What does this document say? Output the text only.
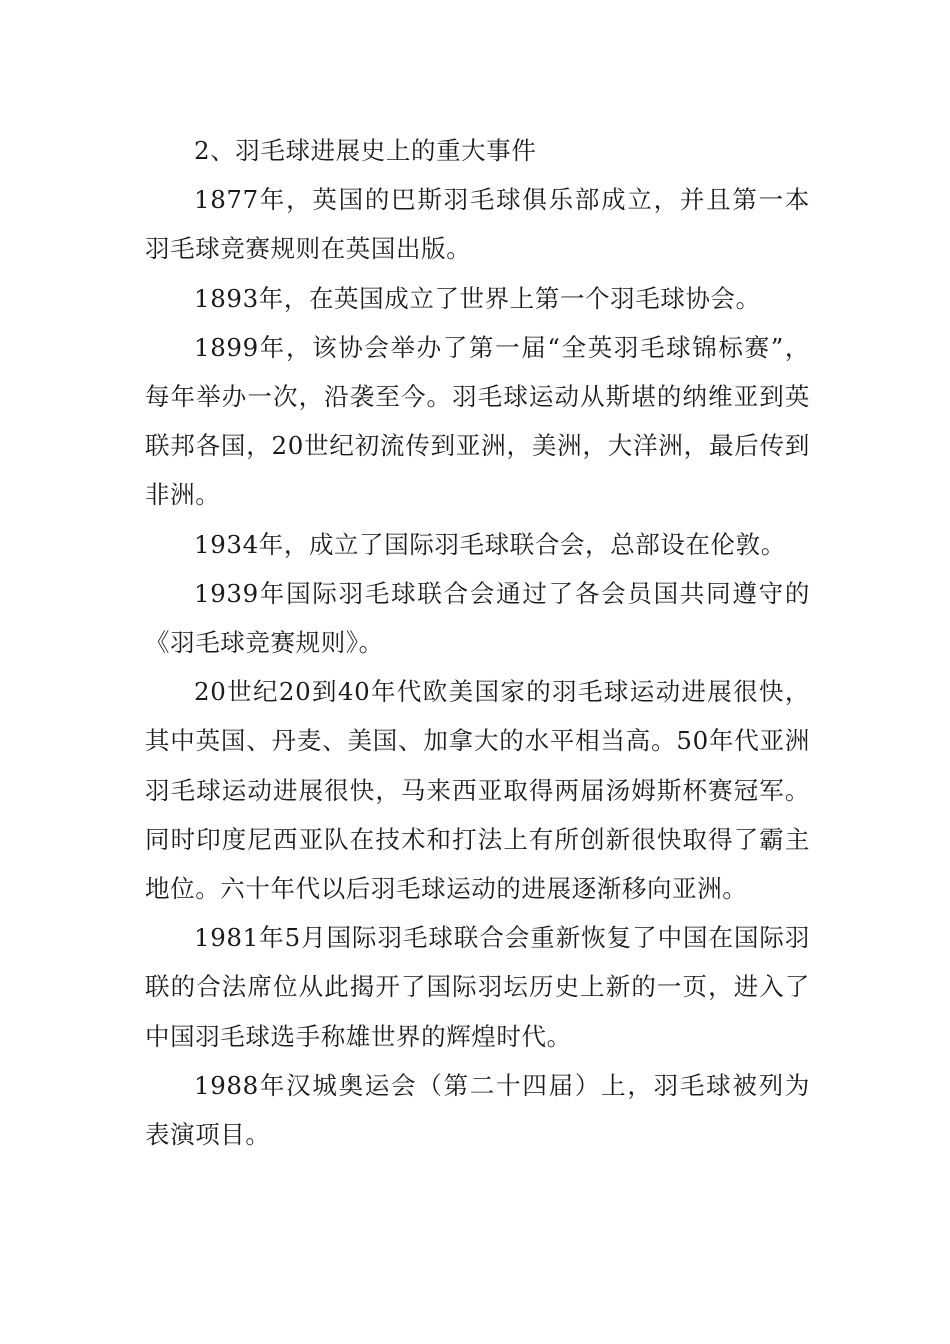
2、羽毛球进展史上的重大事件

1877年，英国的巴斯羽毛球俱乐部成立，并且第一本羽毛球竞赛规则在英国出版。

1893年，在英国成立了世界上第一个羽毛球协会。

1899年，该协会举办了第一届“全英羽毛球锦标赛”，每年举办一次，沿袭至今。羽毛球运动从斯堪的纳维亚到英联邦各国，20世纪初流传到亚洲，美洲，大洋洲，最后传到非洲。

1934年，成立了国际羽毛球联合会，总部设在伦敦。

1939年国际羽毛球联合会通过了各会员国共同遵守的《羽毛球竞赛规则》。

20世纪20到40年代欧美国家的羽毛球运动进展很快，其中英国、丹麦、美国、加拿大的水平相当高。50年代亚洲羽毛球运动进展很快，马来西亚取得两届汤姆斯杯赛冠军。同时印度尼西亚队在技术和打法上有所创新很快取得了霸主地位。六十年代以后羽毛球运动的进展逐渐移向亚洲。

1981年5月国际羽毛球联合会重新恢复了中国在国际羽联的合法席位从此揭开了国际羽坛历史上新的一页，进入了中国羽毛球选手称雄世界的辉煌时代。

1988年汉城奥运会（第二十四届）上，羽毛球被列为表演项目。
